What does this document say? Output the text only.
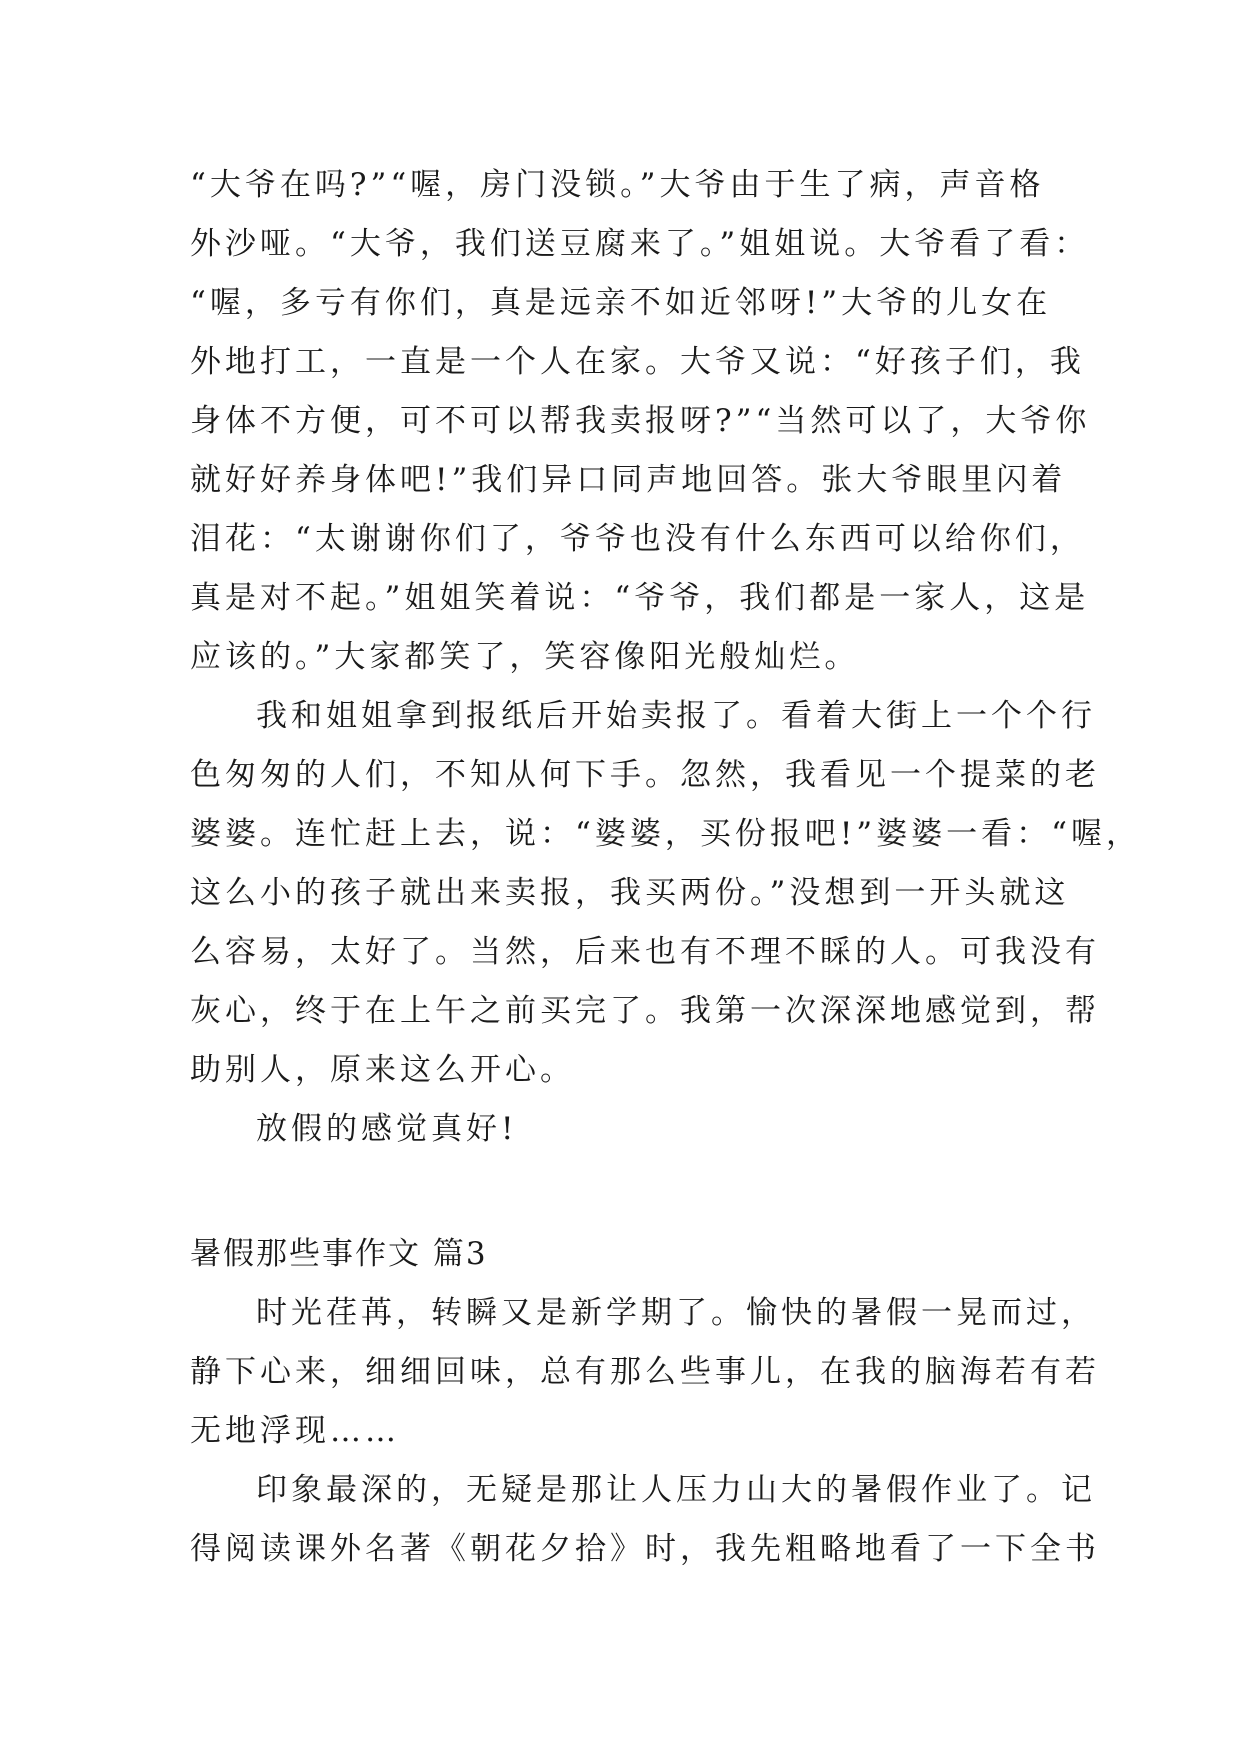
“大爷在吗?”“喔，房门没锁。”大爷由于生了病，声音格
外沙哑。“大爷，我们送豆腐来了。”姐姐说。大爷看了看：
“喔，多亏有你们，真是远亲不如近邻呀!”大爷的儿女在
外地打工，一直是一个人在家。大爷又说：“好孩子们，我
身体不方便，可不可以帮我卖报呀?”“当然可以了，大爷你
就好好养身体吧!”我们异口同声地回答。张大爷眼里闪着
泪花：“太谢谢你们了，爷爷也没有什么东西可以给你们，
真是对不起。”姐姐笑着说：“爷爷，我们都是一家人，这是
应该的。”大家都笑了，笑容像阳光般灿烂。
我和姐姐拿到报纸后开始卖报了。看着大街上一个个行
色匆匆的人们，不知从何下手。忽然，我看见一个提菜的老
婆婆。连忙赶上去，说：“婆婆，买份报吧!”婆婆一看：“喔，
这么小的孩子就出来卖报，我买两份。”没想到一开头就这
么容易，太好了。当然，后来也有不理不睬的人。可我没有
灰心，终于在上午之前买完了。我第一次深深地感觉到，帮
助别人，原来这么开心。
放假的感觉真好!
暑假那些事作文 篇3
时光荏苒，转瞬又是新学期了。愉快的暑假一晃而过，
静下心来，细细回味，总有那么些事儿，在我的脑海若有若
无地浮现……
印象最深的，无疑是那让人压力山大的暑假作业了。记
得阅读课外名著《朝花夕拾》时，我先粗略地看了一下全书
